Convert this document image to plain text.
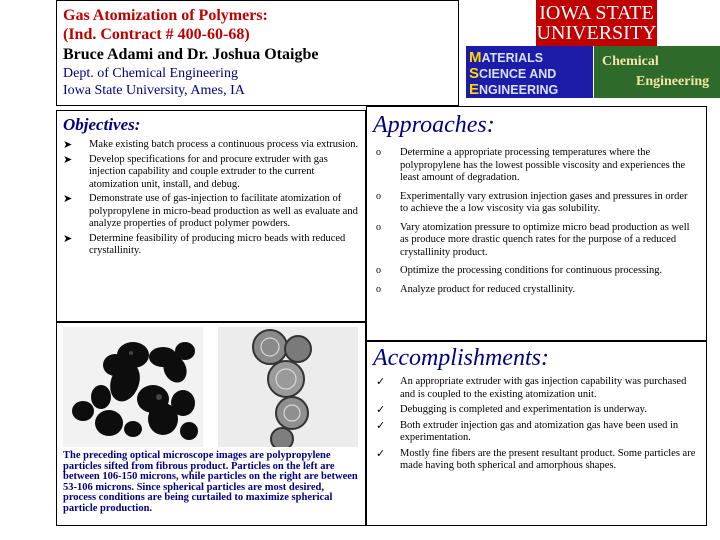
Gas Atomization of Polymers:
(Ind. Contract # 400-60-68)
Bruce Adami and Dr. Joshua Otaigbe
Dept. of Chemical Engineering
Iowa State University, Ames, IA
IOWA STATE
UNIVERSITY
MATERIALS
SCIENCE AND
ENGINEERING
Chemical
Engineering
Objectives:
➤ Make existing batch process a continuous process via extrusion.
➤ Develop specifications for and procure extruder with gas injection capability and couple extruder to the current atomization unit, install, and debug.
➤ Demonstrate use of gas-injection to facilitate atomization of polypropylene in micro-bead production as well as evaluate and analyze properties of product polymer powders.
➤ Determine feasibility of producing micro beads with reduced crystallinity.
Approaches:
o Determine a appropriate processing temperatures where the polypropylene has the lowest possible viscosity and experiences the least amount of degradation.
o Experimentally vary extrusion injection gases and pressures in order to achieve the a low viscosity via gas solubility.
o Vary atomization pressure to optimize micro bead production as well as produce more drastic quench rates for the purpose of a reduced crystallinity product.
o Optimize the processing conditions for continuous processing.
o Analyze product for reduced crystallinity.
Accomplishments:
✓ An appropriate extruder with gas injection capability was purchased and is coupled to the existing atomization unit.
✓ Debugging is completed and experimentation is underway.
✓ Both extruder injection gas and atomization gas have been used in experimentation.
✓ Mostly fine fibers are the present resultant product. Some particles are made having both spherical and amorphous shapes.
The preceding optical microscope images are polypropylene particles sifted from fibrous product. Particles on the left are between 106-150 microns, while particles on the right are between 53-106 microns. Since spherical particles are most desired, process conditions are being curtailed to maximize spherical particle production.
